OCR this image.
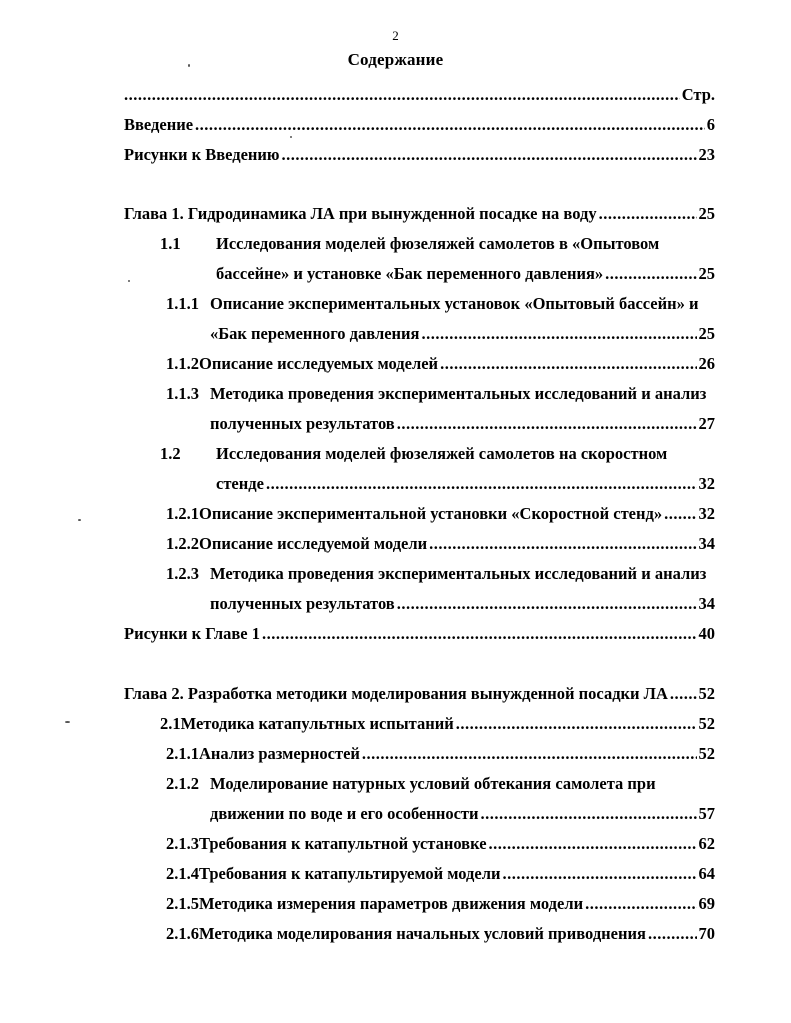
2
Содержание
.....
Стр.
Введение .....	6
Рисунки к Введению .....	23
Глава 1. Гидродинамика ЛА при вынужденной посадке на воду .....	25
1.1 Исследования моделей фюзеляжей самолетов в «Опытовом
бассейне» и установке «Бак переменного давления» .....	25
1.1.1 Описание экспериментальных установок «Опытовый бассейн» и
«Бак переменного давления .....	25
1.1.2 Описание исследуемых моделей .....	26
1.1.3 Методика проведения экспериментальных исследований и анализ
полученных результатов .....	27
1.2 Исследования моделей фюзеляжей самолетов на скоростном
стенде .....	32
1.2.1 Описание экспериментальной установки «Скоростной стенд» ..... 32
1.2.2 Описание исследуемой модели .....	34
1.2.3 Методика проведения экспериментальных исследований и анализ
полученных результатов .....	34
Рисунки к Главе 1 .....	40
Глава 2. Разработка методики моделирования вынужденной посадки ЛА ..... 52
2.1 Методика катапультных испытаний .....	52
2.1.1 Анализ размерностей .....	52
2.1.2 Моделирование натурных условий обтекания самолета при
движении по воде и его особенности .....	57
2.1.3 Требования к катапультной установке .....	62
2.1.4 Требования к катапультируемой модели .....	64
2.1.5 Методика измерения параметров движения модели .....	69
2.1.6 Методика моделирования начальных условий приводнения .....	70
